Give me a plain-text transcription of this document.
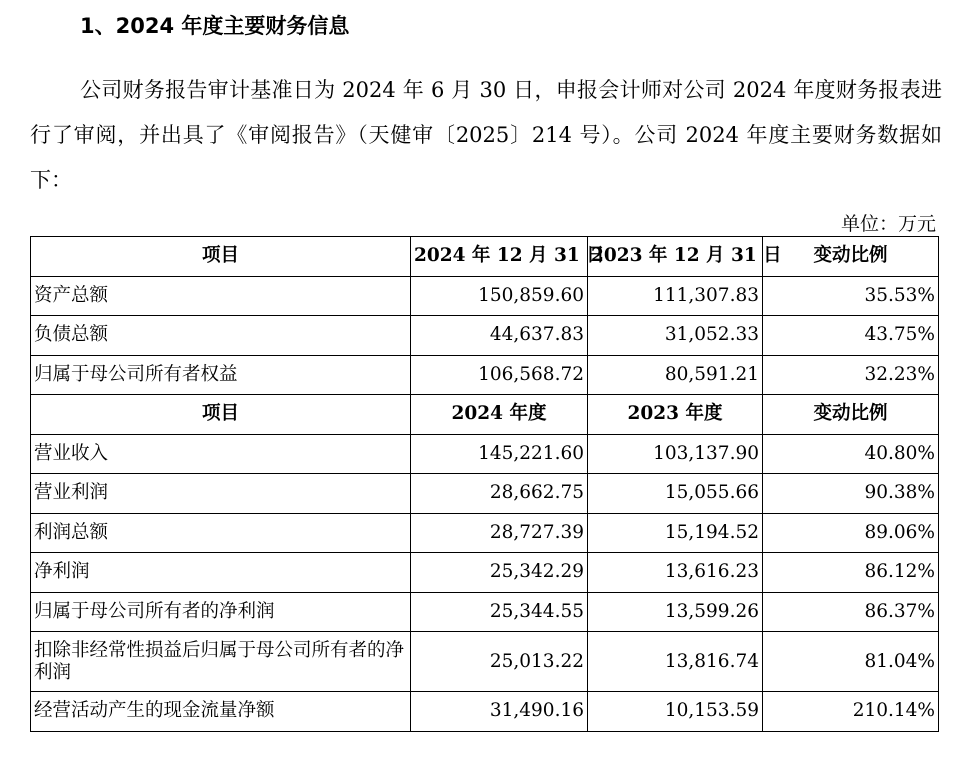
1、2024 年度主要财务信息

公司财务报告审计基准日为 2024 年 6 月 30 日，申报会计师对公司 2024 年度财务报表进行了审阅，并出具了《审阅报告》（天健审〔2025〕214 号）。公司 2024 年度主要财务数据如下：

单位：万元
项目	2024 年 12 月 31 日	2023 年 12 月 31 日	变动比例
资产总额	150,859.60	111,307.83	35.53%
负债总额	44,637.83	31,052.33	43.75%
归属于母公司所有者权益	106,568.72	80,591.21	32.23%
项目	2024 年度	2023 年度	变动比例
营业收入	145,221.60	103,137.90	40.80%
营业利润	28,662.75	15,055.66	90.38%
利润总额	28,727.39	15,194.52	89.06%
净利润	25,342.29	13,616.23	86.12%
归属于母公司所有者的净利润	25,344.55	13,599.26	86.37%
扣除非经常性损益后归属于母公司所有者的净利润	25,013.22	13,816.74	81.04%
经营活动产生的现金流量净额	31,490.16	10,153.59	210.14%
